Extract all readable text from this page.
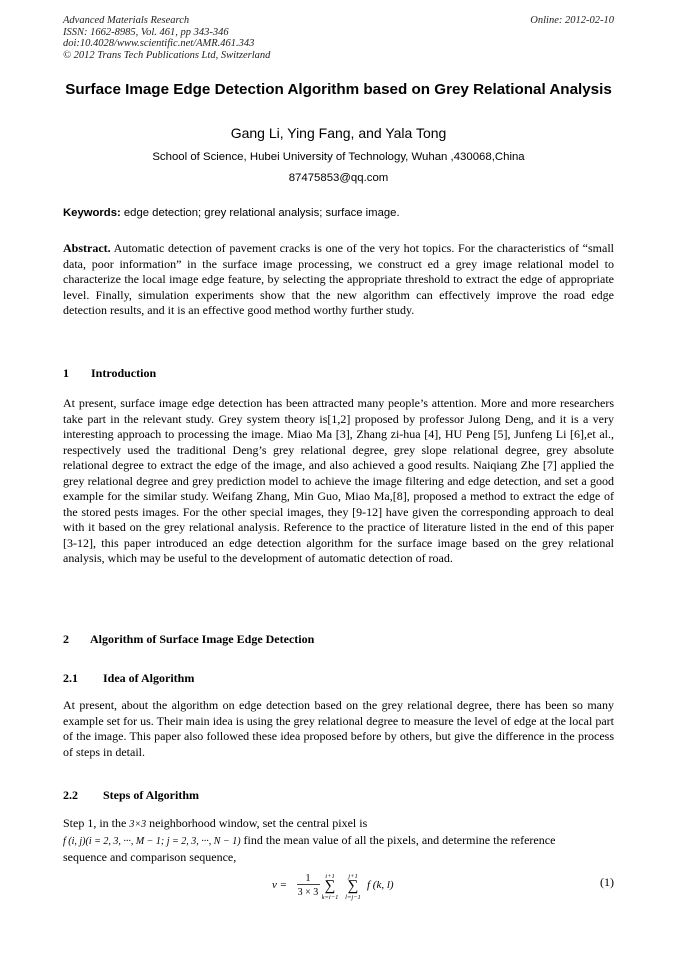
Advanced Materials Research
ISSN: 1662-8985, Vol. 461, pp 343-346
doi:10.4028/www.scientific.net/AMR.461.343
© 2012 Trans Tech Publications Ltd, Switzerland
Online: 2012-02-10
Surface Image Edge Detection Algorithm based on Grey Relational Analysis
Gang Li, Ying Fang, and Yala Tong
School of Science, Hubei University of Technology, Wuhan ,430068,China
87475853@qq.com
Keywords: edge detection; grey relational analysis; surface image.
Abstract. Automatic detection of pavement cracks is one of the very hot topics. For the characteristics of “small data, poor information” in the surface image processing, we construct ed a grey image relational model to characterize the local image edge feature, by selecting the appropriate threshold to extract the edge of appropriate level. Finally, simulation experiments show that the new algorithm can effectively improve the road edge detection results, and it is an effective good method worthy further study.
1 Introduction
At present, surface image edge detection has been attracted many people’s attention. More and more researchers take part in the relevant study. Grey system theory is[1,2] proposed by professor Julong Deng, and it is a very interesting approach to processing the image. Miao Ma [3], Zhang zi-hua [4], HU Peng [5], Junfeng Li [6],et al., respectively used the traditional Deng’s grey relational degree, grey slope relational degree, grey absolute relational degree to extract the edge of the image, and also achieved a good results. Naiqiang Zhe [7] applied the grey relational degree and grey prediction model to achieve the image filtering and edge detection, and set a good example for the similar study. Weifang Zhang, Min Guo, Miao Ma,[8], proposed a method to extract the edge of the stored pests images. For the other special images, they [9-12] have given the corresponding approach to deal with it based on the grey relational analysis. Reference to the practice of literature listed in the end of this paper [3-12], this paper introduced an edge detection algorithm for the surface image based on the grey relational analysis, which may be useful to the development of automatic detection of road.
2 Algorithm of Surface Image Edge Detection
2.1 Idea of Algorithm
At present, about the algorithm on edge detection based on the grey relational degree, there has been so many example set for us. Their main idea is using the grey relational degree to measure the level of edge at the local part of the image. This paper also followed these idea proposed before by others, but give the difference in the process of steps in detail.
2.2 Steps of Algorithm
Step 1, in the 3×3 neighborhood window, set the central pixel is
f (i, j)(i = 2, 3, ···, M − 1; j = 2, 3, ···, N − 1) find the mean value of all the pixels, and determine the reference
sequence and comparison sequence,
v =
1
3 × 3
i+1
∑
k=i−1
j+1
∑
l=j−1
f (k, l)	(1)
